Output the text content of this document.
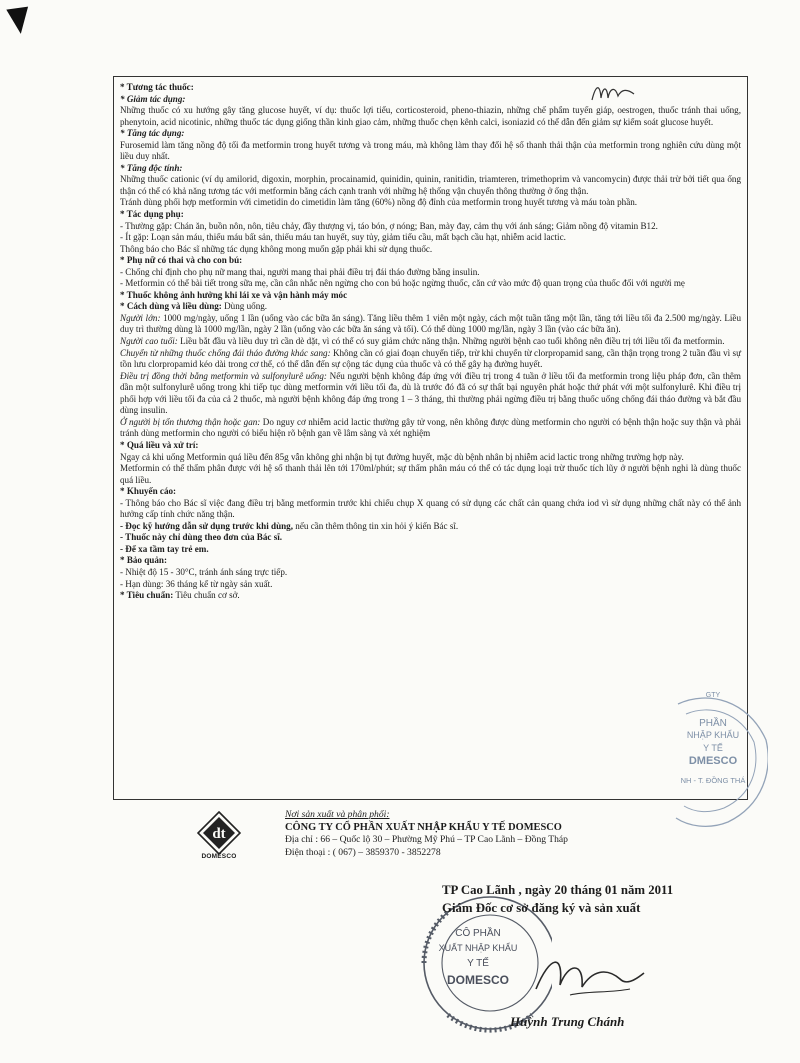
* Tương tác thuốc:

* Giảm tác dụng:

Những thuốc có xu hướng gây tăng glucose huyết, ví dụ: thuốc lợi tiểu, corticosteroid, pheno-thiazin, những chế phẩm tuyến giáp, oestrogen, thuốc tránh thai uống, phenytoin, acid nicotinic, những thuốc tác dụng giống thần kinh giao cảm, những thuốc chẹn kênh calci, isoniazid có thể dẫn đến giảm sự kiểm soát glucose huyết.

* Tăng tác dụng:

Furosemid làm tăng nồng độ tối đa metformin trong huyết tương và trong máu, mà không làm thay đổi hệ số thanh thải thận của metformin trong nghiên cứu dùng một liều duy nhất.

* Tăng độc tính:

Những thuốc cationic (ví dụ amilorid, digoxin, morphin, procainamid, quinidin, quinin, ranitidin, triamteren, trimethoprim và vancomycin) được thải trừ bởi tiết qua ống thận có thể có khả năng tương tác với metformin bằng cách cạnh tranh với những hệ thống vận chuyển thông thường ở ống thận.

Tránh dùng phối hợp metformin với cimetidin do cimetidin làm tăng (60%) nồng độ đỉnh của metformin trong huyết tương và máu toàn phần.

* Tác dụng phụ:

- Thường gặp: Chán ăn, buồn nôn, nôn, tiêu chảy, đầy thượng vị, táo bón, ợ nóng; Ban, mày đay, cảm thụ với ánh sáng; Giảm nồng độ vitamin B12.

- Ít gặp: Loạn sản máu, thiếu máu bất sản, thiếu máu tan huyết, suy tủy, giảm tiểu cầu, mất bạch cầu hạt, nhiễm acid lactic.

Thông báo cho Bác sĩ những tác dụng không mong muốn gặp phải khi sử dụng thuốc.

* Phụ nữ có thai và cho con bú:

- Chống chỉ định cho phụ nữ mang thai, người mang thai phải điều trị đái tháo đường bằng insulin.

- Metformin có thể bài tiết trong sữa mẹ, cần cân nhắc nên ngừng cho con bú hoặc ngừng thuốc, căn cứ vào mức độ quan trọng của thuốc đối với người mẹ

* Thuốc không ảnh hưởng khi lái xe và vận hành máy móc

* Cách dùng và liều dùng: Dùng uống.

Người lớn: 1000 mg/ngày, uống 1 lần (uống vào các bữa ăn sáng). Tăng liều thêm 1 viên một ngày, cách một tuần tăng một lần, tăng tới liều tối đa 2.500 mg/ngày. Liều duy trì thường dùng là 1000 mg/lần, ngày 2 lần (uống vào các bữa ăn sáng và tối). Có thể dùng 1000 mg/lần, ngày 3 lần (vào các bữa ăn).

Người cao tuổi: Liều bắt đầu và liều duy trì cần dè dặt, vì có thể có suy giảm chức năng thận. Những người bệnh cao tuổi không nên điều trị tới liều tối đa metformin.

Chuyển từ những thuốc chống đái tháo đường khác sang: Không cần có giai đoạn chuyển tiếp, trừ khi chuyển từ clorpropamid sang, cần thận trọng trong 2 tuần đầu vì sự tồn lưu clorpropamid kéo dài trong cơ thể, có thể dẫn đến sự cộng tác dụng của thuốc và có thể gây hạ đường huyết.

Điều trị đồng thời bằng metformin và sulfonylurê uống: Nếu người bệnh không đáp ứng với điều trị trong 4 tuần ở liều tối đa metformin trong liệu pháp đơn, cần thêm dần một sulfonylurê uống trong khi tiếp tục dùng metformin với liều tối đa, dù là trước đó đã có sự thất bại nguyên phát hoặc thứ phát với một sulfonylurê. Khi điều trị phối hợp với liều tối đa của cả 2 thuốc, mà người bệnh không đáp ứng trong 1 – 3 tháng, thì thường phải ngừng điều trị bằng thuốc uống chống đái tháo đường và bắt đầu dùng insulin.

Ở người bị tổn thương thận hoặc gan: Do nguy cơ nhiễm acid lactic thường gây tử vong, nên không được dùng metformin cho người có bệnh thận hoặc suy thận và phải tránh dùng metformin cho người có biểu hiện rõ bệnh gan về lâm sàng và xét nghiệm

* Quá liều và xử trí:

Ngay cả khi uống Metformin quá liều đến 85g vẫn không ghi nhận bị tụt đường huyết, mặc dù bệnh nhân bị nhiễm acid lactic trong những trường hợp này.

Metformin có thể thẩm phân được với hệ số thanh thải lên tới 170ml/phút; sự thẩm phân máu có thể có tác dụng loại trừ thuốc tích lũy ở người bệnh nghi là dùng thuốc quá liều.

* Khuyến cáo:

- Thông báo cho Bác sĩ việc đang điều trị bằng metformin trước khi chiếu chụp X quang có sử dụng các chất cản quang chứa iod vì sử dụng những chất này có thể ảnh hưởng cấp tính chức năng thận.

- Đọc kỹ hướng dẫn sử dụng trước khi dùng, nếu cần thêm thông tin xin hỏi ý kiến Bác sĩ.

- Thuốc này chỉ dùng theo đơn của Bác sĩ.

- Để xa tầm tay trẻ em.

* Bảo quản:

- Nhiệt độ 15 - 30°C, tránh ánh sáng trực tiếp.

- Hạn dùng: 36 tháng kể từ ngày sản xuất.

* Tiêu chuẩn: Tiêu chuẩn cơ sở.

dt
DOMESCO
Nơi sản xuất và phân phối:
CÔNG TY CỔ PHẦN XUẤT NHẬP KHẨU Y TẾ DOMESCO
Địa chỉ : 66 – Quốc lộ 30 – Phường Mỹ Phú – TP Cao Lãnh – Đồng Tháp
Điện thoại : ( 067) – 3859370 - 3852278
GTY
PHẦN
NHẬP KHẨU
Y TẾ
DMESCO
NH - T. ĐỒNG THÁ
CÔ PHẦN
XUẤT NHẬP KHẨU
Y TẾ
DOMESCO
TP Cao Lãnh , ngày 20 tháng 01 năm 2011
Giám Đốc cơ sở đăng ký và sản xuất
Huỳnh Trung Chánh
